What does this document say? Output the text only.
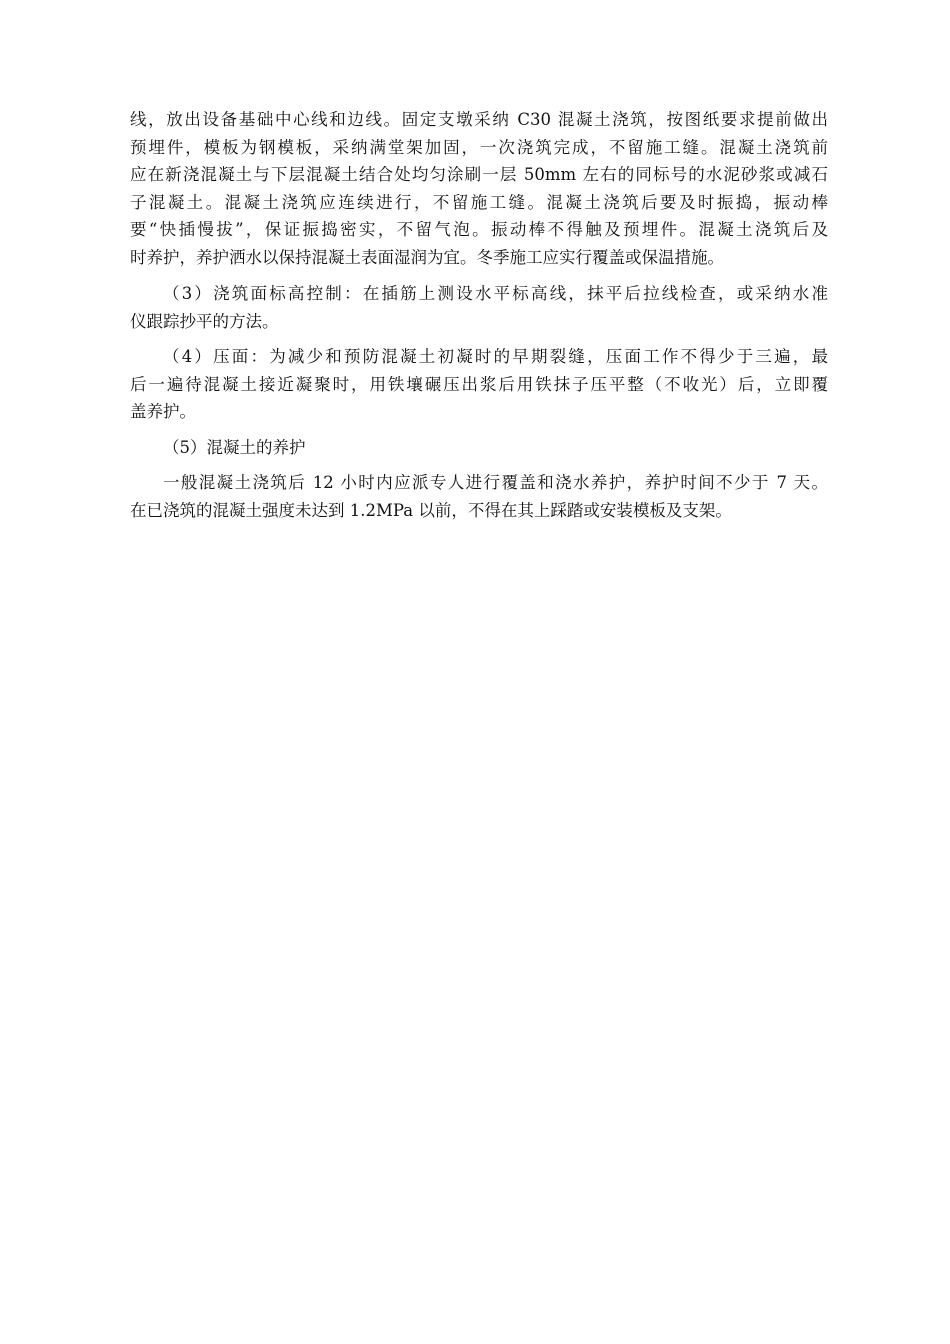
线，放出设备基础中心线和边线。固定支墩采纳 C30 混凝土浇筑，按图纸要求提前做出
预埋件，模板为钢模板，采纳满堂架加固，一次浇筑完成，不留施工缝。混凝土浇筑前
应在新浇混凝土与下层混凝土结合处均匀涂刷一层 50mm 左右的同标号的水泥砂浆或减石
子混凝土。混凝土浇筑应连续进行，不留施工缝。混凝土浇筑后要及时振捣，振动棒
要“快插慢拔”，保证振捣密实，不留气泡。振动棒不得触及预埋件。混凝土浇筑后及
时养护，养护洒水以保持混凝土表面湿润为宜。冬季施工应实行覆盖或保温措施。
（3）浇筑面标高控制：在插筋上测设水平标高线，抹平后拉线检查，或采纳水准
仪跟踪抄平的方法。
（4）压面：为减少和预防混凝土初凝时的早期裂缝，压面工作不得少于三遍，最
后一遍待混凝土接近凝聚时，用铁壤碾压出浆后用铁抹子压平整（不收光）后，立即覆
盖养护。
（5）混凝土的养护
一般混凝土浇筑后 12 小时内应派专人进行覆盖和浇水养护，养护时间不少于 7 天。
在已浇筑的混凝土强度未达到 1.2MPa 以前，不得在其上踩踏或安装模板及支架。
